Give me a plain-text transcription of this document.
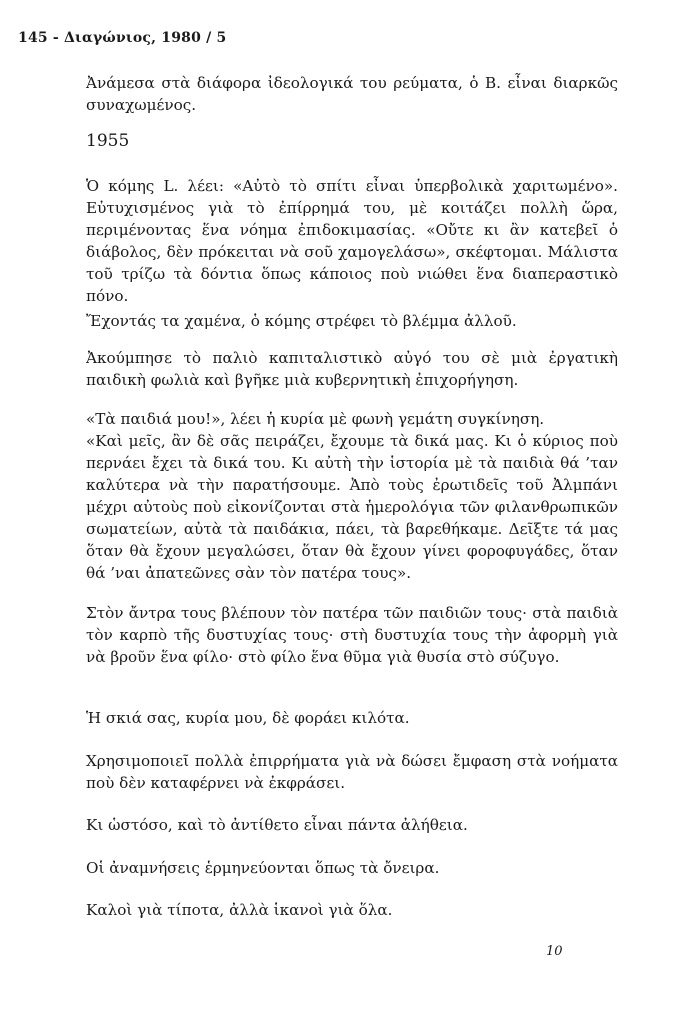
145 - Διαγώνιος, 1980 / 5

Ἀνάμεσα στὰ διάφορα ἰδεολογικά του ρεύματα, ὁ Β. εἶναι διαρκῶς συναχωμένος.

1955

Ὁ κόμης L. λέει: «Αὐτὸ τὸ σπίτι εἶναι ὑπερβολικὰ χαριτωμένο». Εὐτυχισμένος γιὰ τὸ ἐπίρρημά του, μὲ κοιτάζει πολλὴ ὥρα, περιμένοντας ἕνα νόημα ἐπιδοκιμασίας. «Οὔτε κι ἂν κατεβεῖ ὁ διάβολος, δὲν πρόκειται νὰ σοῦ χαμογελάσω», σκέφτομαι. Μάλιστα τοῦ τρίζω τὰ δόντια ὅπως κάποιος ποὺ νιώθει ἕνα διαπεραστικὸ πόνο.

Ἔχοντάς τα χαμένα, ὁ κόμης στρέφει τὸ βλέμμα ἀλλοῦ.

Ἀκούμπησε τὸ παλιὸ καπιταλιστικὸ αὐγό του σὲ μιὰ ἐργατικὴ παιδικὴ φωλιὰ καὶ βγῆκε μιὰ κυβερνητικὴ ἐπιχορήγηση.

«Τὰ παιδιά μου!», λέει ἡ κυρία μὲ φωνὴ γεμάτη συγκίνηση.

«Καὶ μεῖς, ἂν δὲ σᾶς πειράζει, ἔχουμε τὰ δικά μας. Κι ὁ κύριος ποὺ περνάει ἔχει τὰ δικά του. Κι αὐτὴ τὴν ἱστορία μὲ τὰ παιδιὰ θά ’ταν καλύτερα νὰ τὴν παρατήσουμε. Ἀπὸ τοὺς ἐρωτιδεῖς τοῦ Ἀλμπάνι μέχρι αὐτοὺς ποὺ εἰκονίζονται στὰ ἡμερολόγια τῶν φιλανθρωπικῶν σωματείων, αὐτὰ τὰ παιδάκια, πάει, τὰ βαρεθήκαμε. Δεῖξτε τά μας ὅταν θὰ ἔχουν μεγαλώσει, ὅταν θὰ ἔχουν γίνει φοροφυγάδες, ὅταν θά ’ναι ἀπατεῶνες σὰν τὸν πατέρα τους».

Στὸν ἄντρα τους βλέπουν τὸν πατέρα τῶν παιδιῶν τους· στὰ παιδιὰ τὸν καρπὸ τῆς δυστυχίας τους· στὴ δυστυχία τους τὴν ἀφορμὴ γιὰ νὰ βροῦν ἕνα φίλο· στὸ φίλο ἕνα θῦμα γιὰ θυσία στὸ σύζυγο.

Ἡ σκιά σας, κυρία μου, δὲ φοράει κιλότα.

Χρησιμοποιεῖ πολλὰ ἐπιρρήματα γιὰ νὰ δώσει ἔμφαση στὰ νοήματα ποὺ δὲν καταφέρνει νὰ ἐκφράσει.

Κι ὡστόσο, καὶ τὸ ἀντίθετο εἶναι πάντα ἀλήθεια.

Οἱ ἀναμνήσεις ἑρμηνεύονται ὅπως τὰ ὄνειρα.

Καλοὶ γιὰ τίποτα, ἀλλὰ ἱκανοὶ γιὰ ὅλα.

10
